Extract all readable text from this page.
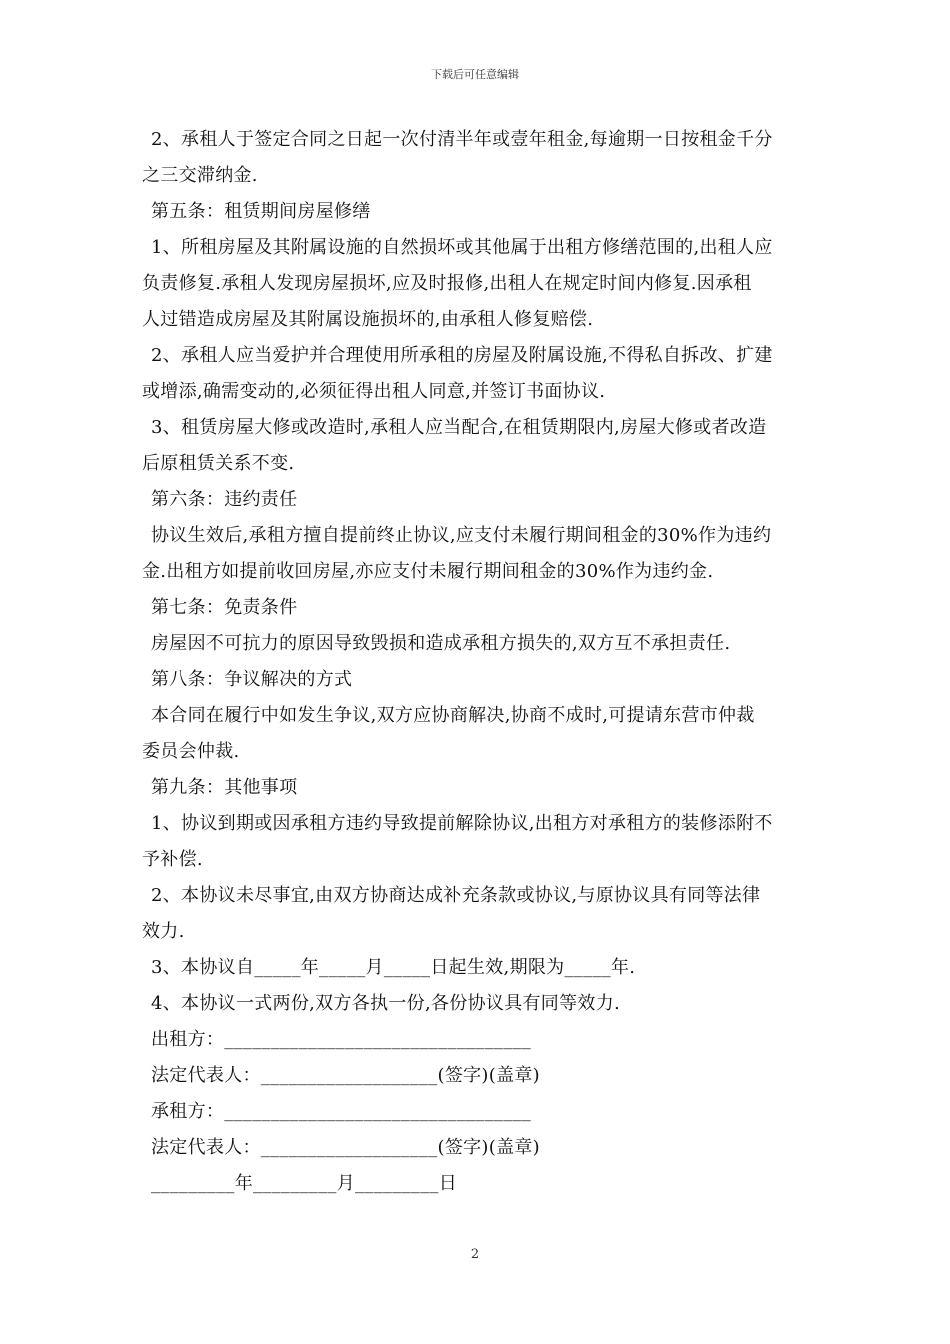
下载后可任意编辑

2、承租人于签定合同之日起一次付清半年或壹年租金,每逾期一日按租金千分

之三交滞纳金.

第五条：租赁期间房屋修缮

1、所租房屋及其附属设施的自然损坏或其他属于出租方修缮范围的,出租人应

负责修复.承租人发现房屋损坏,应及时报修,出租人在规定时间内修复.因承租

人过错造成房屋及其附属设施损坏的,由承租人修复赔偿.

2、承租人应当爱护并合理使用所承租的房屋及附属设施,不得私自拆改、扩建

或增添,确需变动的,必须征得出租人同意,并签订书面协议.

3、租赁房屋大修或改造时,承租人应当配合,在租赁期限内,房屋大修或者改造

后原租赁关系不变.

第六条：违约责任

协议生效后,承租方擅自提前终止协议,应支付未履行期间租金的30%作为违约

金.出租方如提前收回房屋,亦应支付未履行期间租金的30%作为违约金.

第七条：免责条件

房屋因不可抗力的原因导致毁损和造成承租方损失的,双方互不承担责任.

第八条：争议解决的方式

本合同在履行中如发生争议,双方应协商解决,协商不成时,可提请东营市仲裁

委员会仲裁.

第九条：其他事项

1、协议到期或因承租方违约导致提前解除协议,出租方对承租方的装修添附不

予补偿.

2、本协议未尽事宜,由双方协商达成补充条款或协议,与原协议具有同等法律

效力.

3、本协议自_____年_____月_____日起生效,期限为_____年.

4、本协议一式两份,双方各执一份,各份协议具有同等效力.

出租方：_________________________________

法定代表人：___________________(签字)(盖章)

承租方：_________________________________

法定代表人：___________________(签字)(盖章)

_________年_________月_________日

2
